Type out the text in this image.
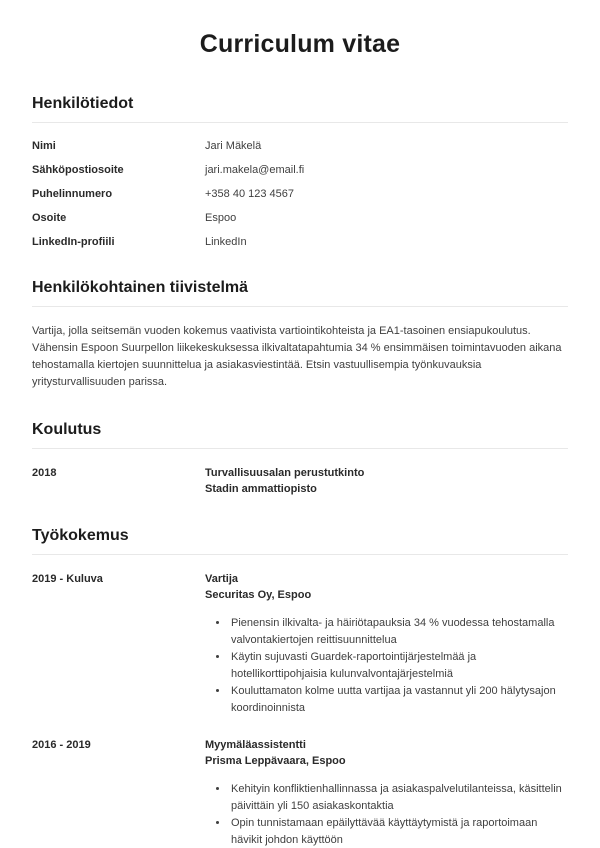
Curriculum vitae
Henkilötiedot
Nimi	Jari Mäkelä
Sähköpostiosoite	jari.makela@email.fi
Puhelinnumero	+358 40 123 4567
Osoite	Espoo
LinkedIn-profiili	LinkedIn
Henkilökohtainen tiivistelmä

Vartija, jolla seitsemän vuoden kokemus vaativista vartiointikohteista ja EA1-tasoinen ensiapukoulutus. Vähensin Espoon Suurpellon liikekeskuksessa ilkivaltatapahtumia 34 % ensimmäisen toimintavuoden aikana tehostamalla kiertojen suunnittelua ja asiakasviestintää. Etsin vastuullisempia työnkuvauksia yritysturvallisuuden parissa.

Koulutus
2018	Turvallisuusalan perustutkinto
Stadin ammattiopisto
Työkokemus
2019 - Kuluva	Vartija
Securitas Oy, Espoo
• Pienensin ilkivalta- ja häiriötapauksia 34 % vuodessa tehostamalla valvontakiertojen reittisuunnittelua
• Käytin sujuvasti Guardek-raportointijärjestelmää ja hotellikorttipohjaisia kulunvalvontajärjestelmiä
• Kouluttamaton kolme uutta vartijaa ja vastannut yli 200 hälytysajon koordinoinnista
2016 - 2019	Myymäläassistentti
Prisma Leppävaara, Espoo
• Kehityin konfliktienhallinnassa ja asiakaspalvelutilanteissa, käsittelin päivittäin yli 150 asiakaskontaktia
• Opin tunnistamaan epäilyttävää käyttäytymistä ja raportoimaan hävikit johdon käyttöön
